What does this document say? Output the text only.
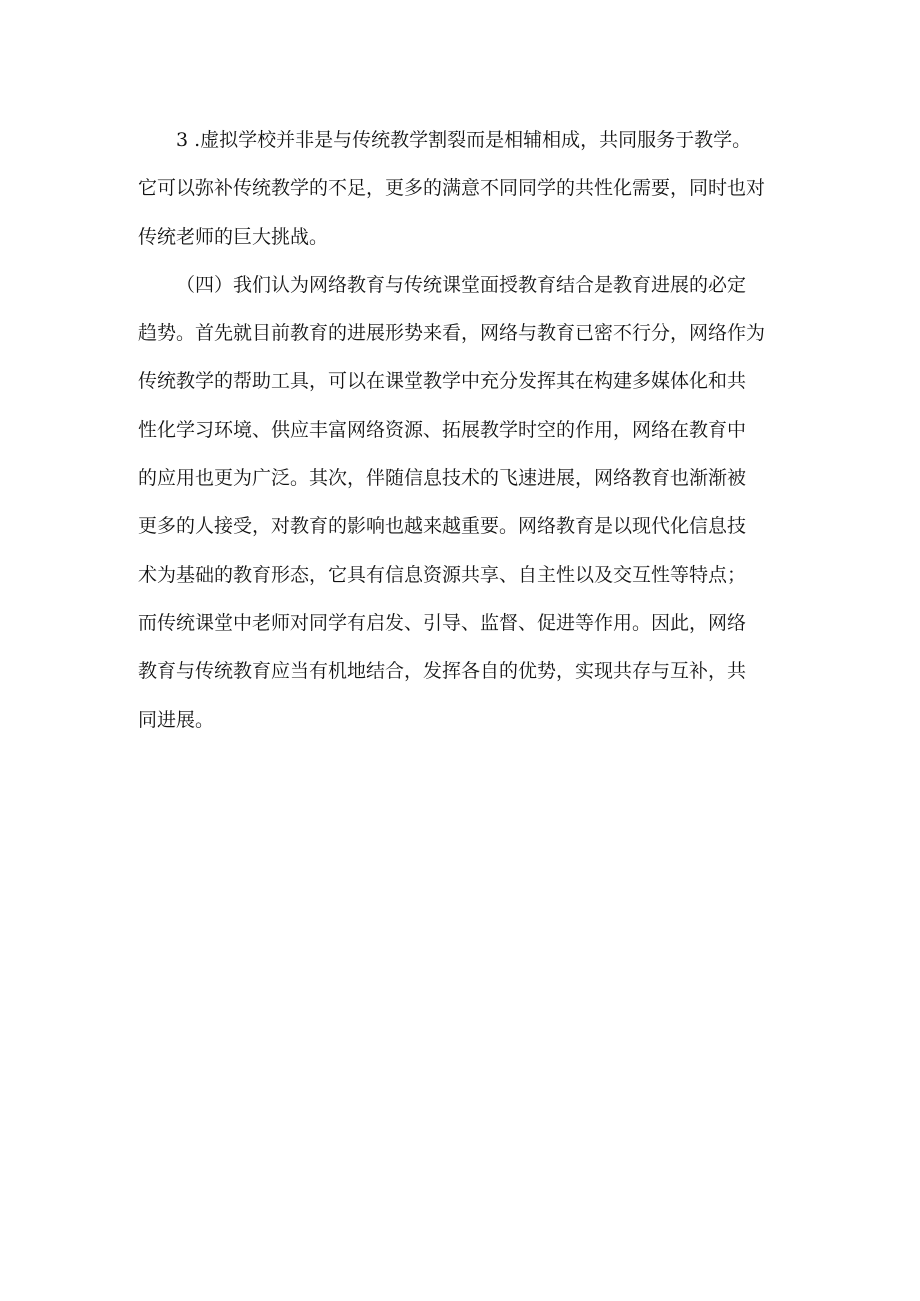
3 .虚拟学校并非是与传统教学割裂而是相辅相成，共同服务于教学。
它可以弥补传统教学的不足，更多的满意不同同学的共性化需要，同时也对
传统老师的巨大挑战。
（四）我们认为网络教育与传统课堂面授教育结合是教育进展的必定
趋势。首先就目前教育的进展形势来看，网络与教育已密不行分，网络作为
传统教学的帮助工具，可以在课堂教学中充分发挥其在构建多媒体化和共
性化学习环境、供应丰富网络资源、拓展教学时空的作用，网络在教育中
的应用也更为广泛。其次，伴随信息技术的飞速进展，网络教育也渐渐被
更多的人接受，对教育的影响也越来越重要。网络教育是以现代化信息技
术为基础的教育形态，它具有信息资源共享、自主性以及交互性等特点；
而传统课堂中老师对同学有启发、引导、监督、促进等作用。因此，网络
教育与传统教育应当有机地结合，发挥各自的优势，实现共存与互补，共
同进展。
